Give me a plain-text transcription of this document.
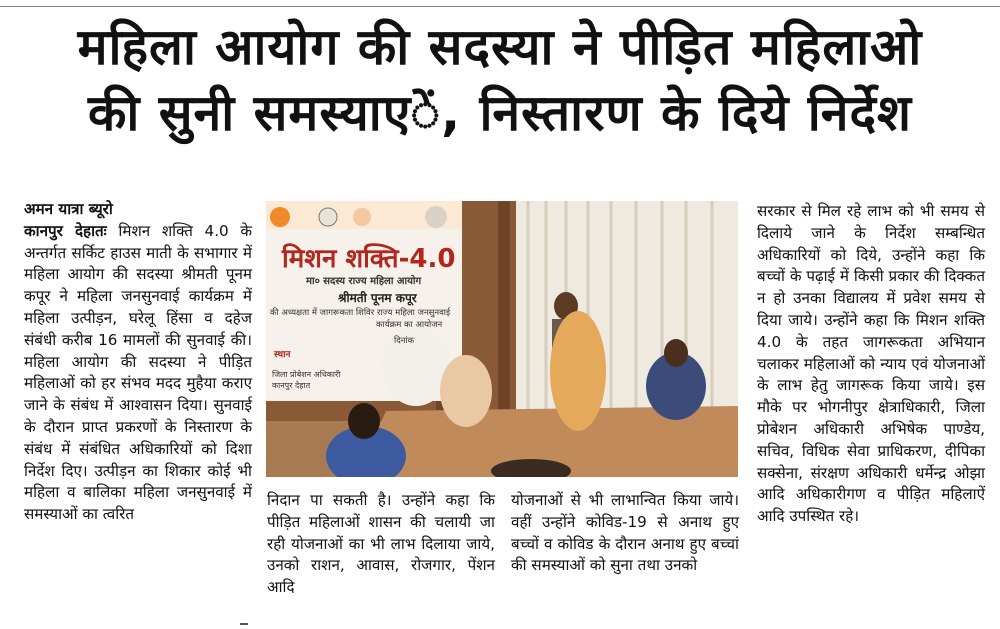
महिला आयोग की सदस्या ने पीड़ित महिलाओ
की सुनी समस्याएें, निस्तारण के दिये निर्देश

अमन यात्रा ब्यूरो

कानपुर देहातः मिशन शक्ति 4.0 के अन्तर्गत सर्किट हाउस माती के सभागार में महिला आयोग की सदस्या श्रीमती पूनम कपूर ने महिला जनसुनवाई कार्यक्रम में महिला उत्पीड़न, घरेलू हिंसा व दहेज संबंधी करीब 16 मामलों की सुनवाई की। महिला आयोग की सदस्या ने पीड़ित महिलाओं को हर संभव मदद मुहैया कराए जाने के संबंध में आश्वासन दिया। सुनवाई के दौरान प्राप्त प्रकरणों के निस्तारण के संबंध में संबंधित अधिकारियों को दिशा निर्देश दिए। उत्पीड़न का शिकार कोई भी महिला व बालिका महिला जनसुनवाई में समस्याओं का त्वरित

मिशन शक्ति-4.0
मा० सदस्य राज्य महिला आयोग
श्रीमती पूनम कपूर
की अध्यक्षता में जागरूकता शिविर राज्य महिला जनसुनवाई
कार्यक्रम का आयोजन
दिनांक
स्थान
जिला प्रोबेशन अधिकारी कानपुर देहात

निदान पा सकती है। उन्होंने कहा कि पीड़ित महिलाओं शासन की चलायी जा रही योजनाओं का भी लाभ दिलाया जाये, उनको राशन, आवास, रोजगार, पेंशन आदि

योजनाओं से भी लाभान्वित किया जाये। वहीं उन्होंने कोविड-19 से अनाथ हुए बच्चों व कोविड के दौरान अनाथ हुए बच्चां की समस्याओं को सुना तथा उनको

सरकार से मिल रहे लाभ को भी समय से दिलाये जाने के निर्देश सम्बन्धित अधिकारियों को दिये, उन्होंने कहा कि बच्चों के पढ़ाई में किसी प्रकार की दिक्कत न हो उनका विद्यालय में प्रवेश समय से दिया जाये। उन्होंने कहा कि मिशन शक्ति 4.0 के तहत जागरूकता अभियान चलाकर महिलाओं को न्याय एवं योजनाओं के लाभ हेतु जागरूक किया जाये। इस मौके पर भोगनीपुर क्षेत्राधिकारी, जिला प्रोबेशन अधिकारी अभिषेक पाण्डेय, सचिव, विधिक सेवा प्राधिकरण, दीपिका सक्सेना, संरक्षण अधिकारी धर्मेन्द्र ओझा आदि अधिकारीगण व पीड़ित महिलाऐं आदि उपस्थित रहे।
